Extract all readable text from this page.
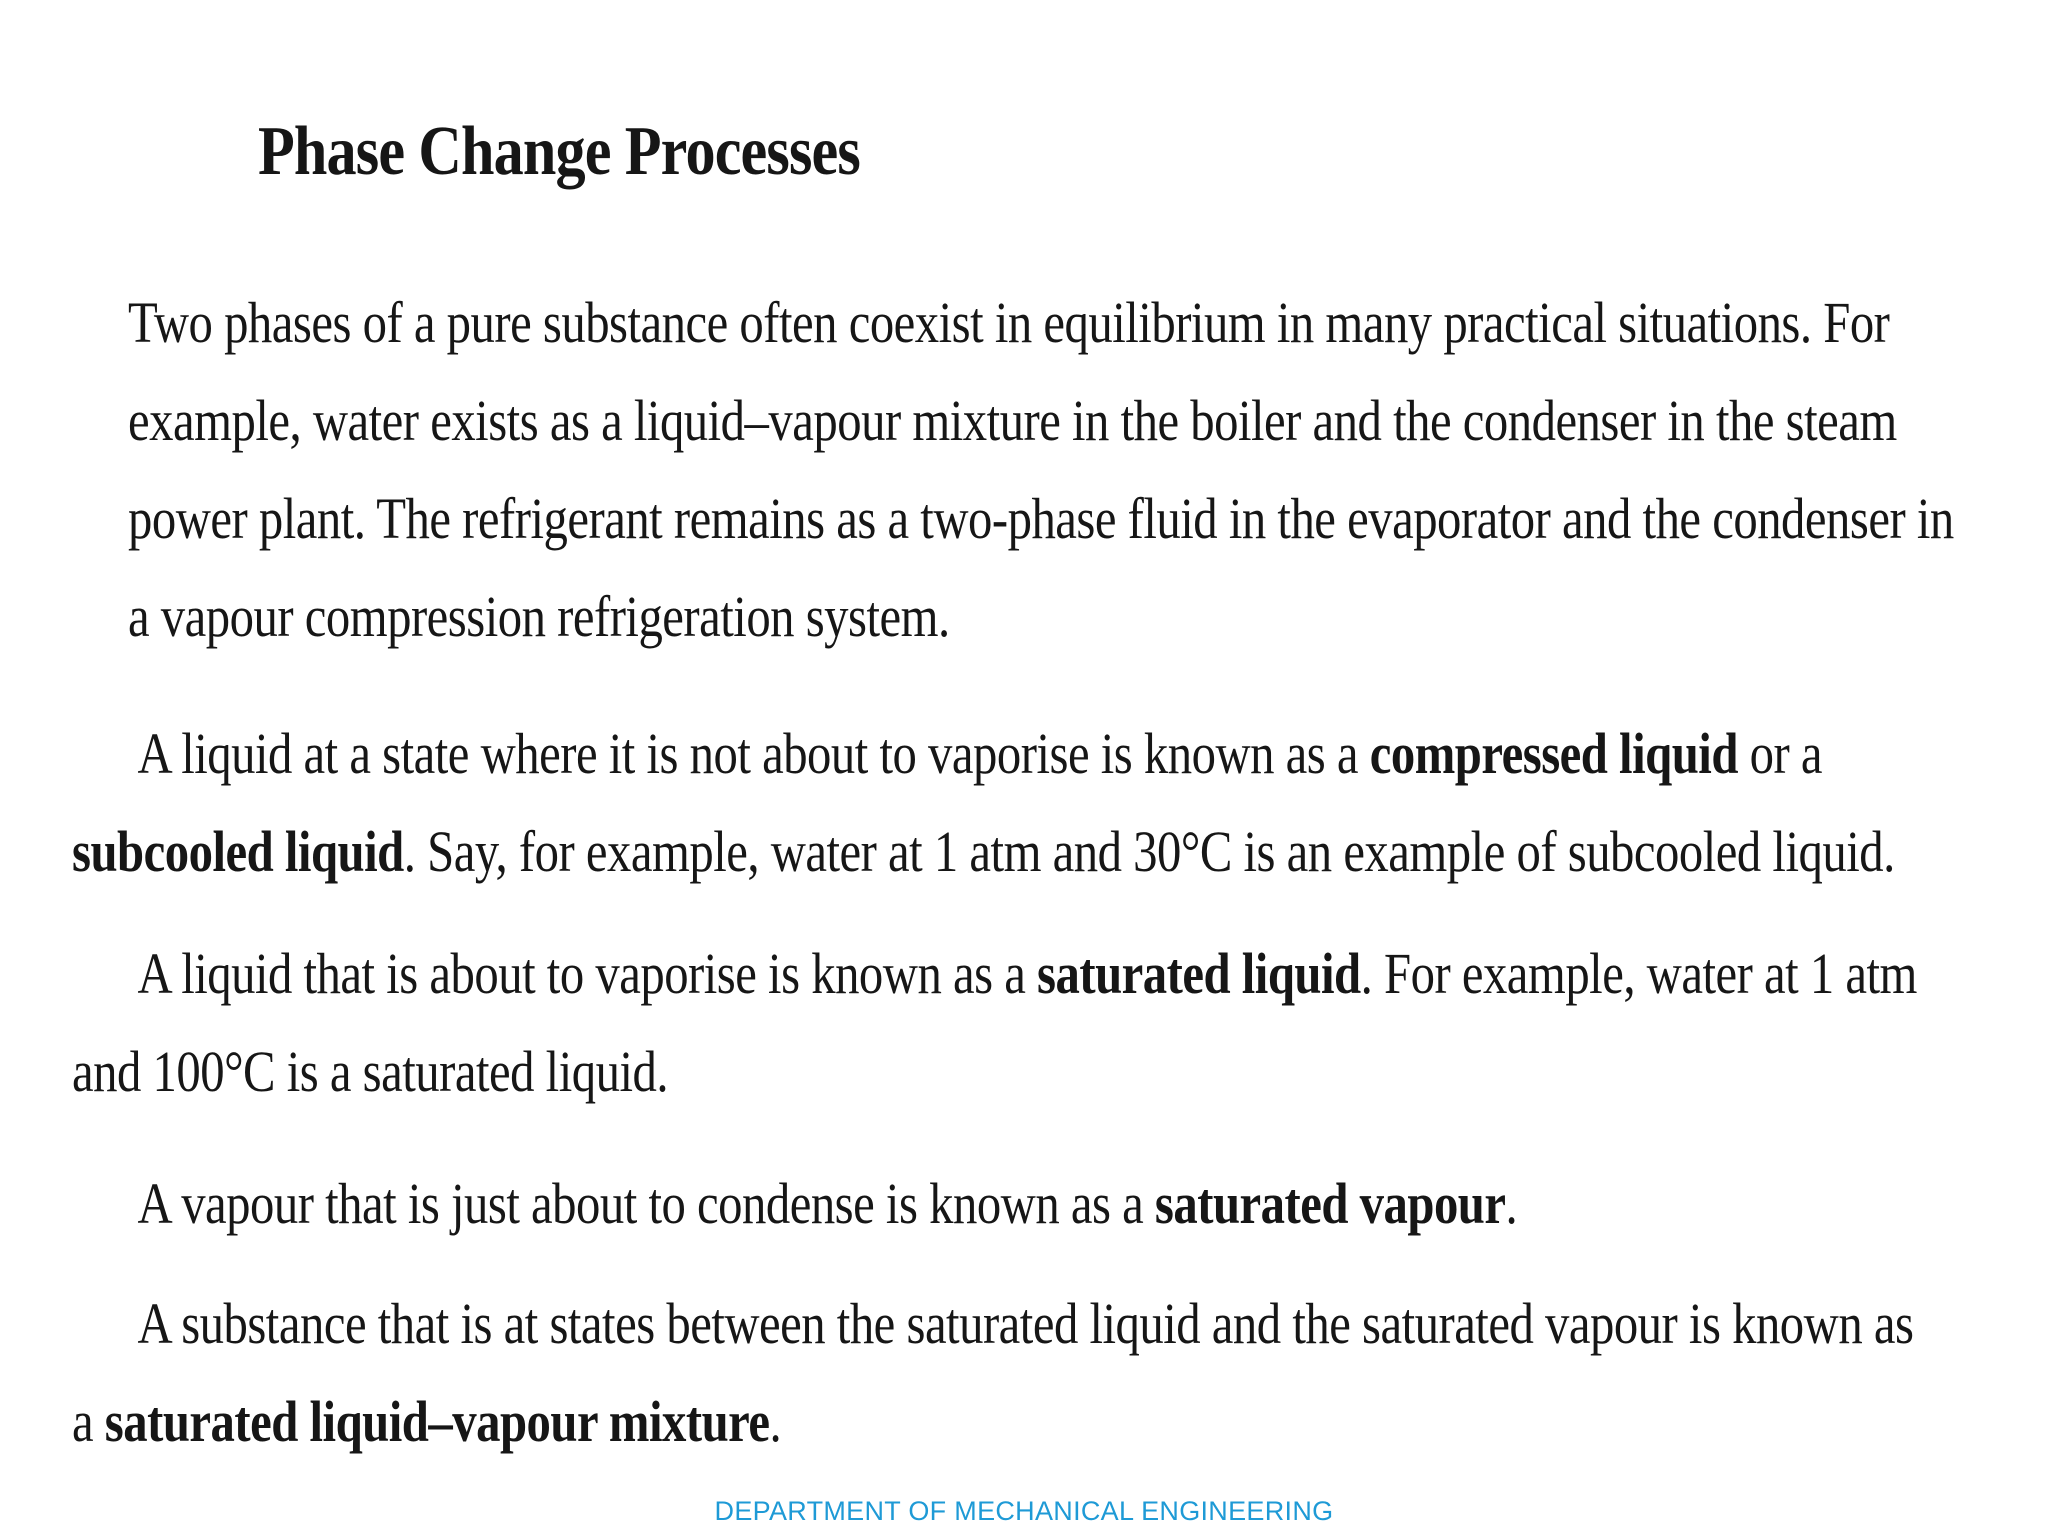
Phase Change Processes
Two phases of a pure substance often coexist in equilibrium in many practical situations. For
example, water exists as a liquid–vapour mixture in the boiler and the condenser in the steam
power plant. The refrigerant remains as a two-phase fluid in the evaporator and the condenser in
a vapour compression refrigeration system.
A liquid at a state where it is not about to vaporise is known as a compressed liquid or a
subcooled liquid. Say, for example, water at 1 atm and 30°C is an example of subcooled liquid.
A liquid that is about to vaporise is known as a saturated liquid. For example, water at 1 atm
and 100°C is a saturated liquid.
A vapour that is just about to condense is known as a saturated vapour.
A substance that is at states between the saturated liquid and the saturated vapour is known as
a saturated liquid–vapour mixture.
DEPARTMENT OF MECHANICAL ENGINEERING
